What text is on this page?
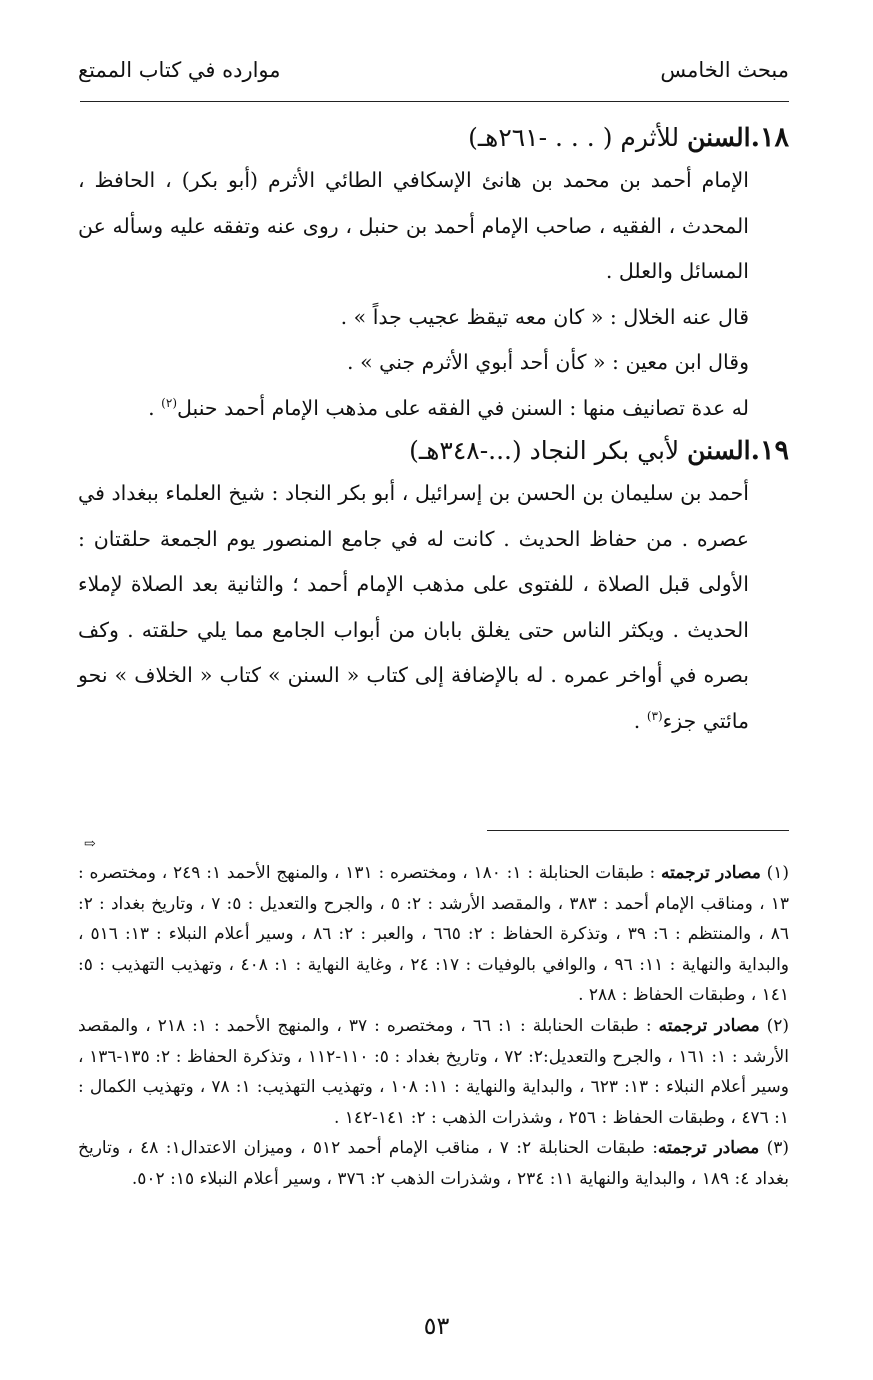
مبحث الخامس
موارده في كتاب الممتع
١٨.السنن للأثرم ( . . . -٢٦١هـ)

الإمام أحمد بن محمد بن هانئ الإسكافي الطائي الأثرم (أبو بكر) ، الحافظ ، المحدث ، الفقيه ، صاحب الإمام أحمد بن حنبل ، روى عنه وتفقه عليه وسأله عن المسائل والعلل .

قال عنه الخلال : « كان معه تيقظ عجيب جداً » .

وقال ابن معين : « كأن أحد أبوي الأثرم جني » .

له عدة تصانيف منها : السنن في الفقه على مذهب الإمام أحمد حنبل$^{(٢)}$ .

١٩.السنن لأبي بكر النجاد (...-٣٤٨هـ)

أحمد بن سليمان بن الحسن بن إسرائيل ، أبو بكر النجاد : شيخ العلماء ببغداد في عصره . من حفاظ الحديث . كانت له في جامع المنصور يوم الجمعة حلقتان : الأولى قبل الصلاة ، للفتوى على مذهب الإمام أحمد ؛ والثانية بعد الصلاة لإملاء الحديث . ويكثر الناس حتى يغلق بابان من أبواب الجامع مما يلي حلقته . وكف بصره في أواخر عمره . له بالإضافة إلى كتاب « السنن » كتاب « الخلاف » نحو مائتي جزء$^{(٣)}$ .

⇨

(١) مصادر ترجمته : طبقات الحنابلة : ١: ١٨٠ ، ومختصره : ١٣١ ، والمنهج الأحمد ١: ٢٤٩ ، ومختصره : ١٣ ، ومناقب الإمام أحمد : ٣٨٣ ، والمقصد الأرشد : ٢: ٥ ، والجرح والتعديل : ٥: ٧ ، وتاريخ بغداد : ٢: ٨٦ ، والمنتظم : ٦: ٣٩ ، وتذكرة الحفاظ : ٢: ٦٦٥ ، والعبر : ٢: ٨٦ ، وسير أعلام النبلاء : ١٣: ٥١٦ ، والبداية والنهاية : ١١: ٩٦ ، والوافي بالوفيات : ١٧: ٢٤ ، وغاية النهاية : ١: ٤٠٨ ، وتهذيب التهذيب : ٥: ١٤١ ، وطبقات الحفاظ : ٢٨٨ .

(٢) مصادر ترجمته : طبقات الحنابلة : ١: ٦٦ ، ومختصره : ٣٧ ، والمنهج الأحمد : ١: ٢١٨ ، والمقصد الأرشد : ١: ١٦١ ، والجرح والتعديل:٢: ٧٢ ، وتاريخ بغداد : ٥: ١١٠-١١٢ ، وتذكرة الحفاظ : ٢: ١٣٥-١٣٦ ، وسير أعلام النبلاء : ١٣: ٦٢٣ ، والبداية والنهاية : ١١: ١٠٨ ، وتهذيب التهذيب: ١: ٧٨ ، وتهذيب الكمال : ١: ٤٧٦ ، وطبقات الحفاظ : ٢٥٦ ، وشذرات الذهب : ٢: ١٤١-١٤٢ .

(٣) مصادر ترجمته: طبقات الحنابلة ٢: ٧ ، مناقب الإمام أحمد ٥١٢ ، وميزان الاعتدال١: ٤٨ ، وتاريخ بغداد ٤: ١٨٩ ، والبداية والنهاية ١١: ٢٣٤ ، وشذرات الذهب ٢: ٣٧٦ ، وسير أعلام النبلاء ١٥: ٥٠٢.

٥٣
